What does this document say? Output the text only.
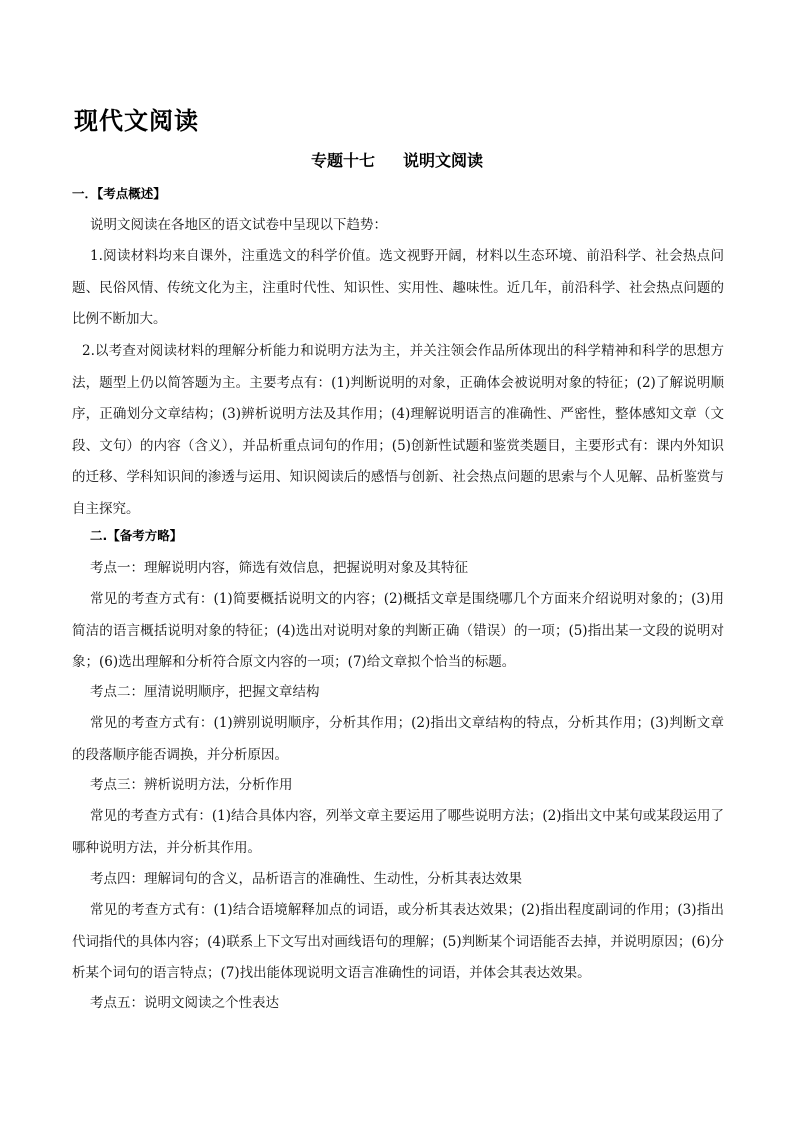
现代文阅读
专题十七 说明文阅读
一．【考点概述】
说明文阅读在各地区的语文试卷中呈现以下趋势：
1.阅读材料均来自课外，注重选文的科学价值。选文视野开阔，材料以生态环境、前沿科学、社会热点问题、民俗风情、传统文化为主，注重时代性、知识性、实用性、趣味性。近几年，前沿科学、社会热点问题的比例不断加大。
2.以考查对阅读材料的理解分析能力和说明方法为主，并关注领会作品所体现出的科学精神和科学的思想方法，题型上仍以简答题为主。主要考点有：(1)判断说明的对象，正确体会被说明对象的特征；(2)了解说明顺序，正确划分文章结构；(3)辨析说明方法及其作用；(4)理解说明语言的准确性、严密性，整体感知文章（文段、文句）的内容（含义），并品析重点词句的作用；(5)创新性试题和鉴赏类题目，主要形式有：课内外知识的迁移、学科知识间的渗透与运用、知识阅读后的感悟与创新、社会热点问题的思索与个人见解、品析鉴赏与自主探究。
二.【备考方略】
考点一：理解说明内容，筛选有效信息，把握说明对象及其特征
常见的考查方式有：(1)简要概括说明文的内容；(2)概括文章是围绕哪几个方面来介绍说明对象的；(3)用简洁的语言概括说明对象的特征；(4)选出对说明对象的判断正确（错误）的一项；(5)指出某一文段的说明对象；(6)选出理解和分析符合原文内容的一项；(7)给文章拟个恰当的标题。
考点二：厘清说明顺序，把握文章结构
常见的考查方式有：(1)辨别说明顺序，分析其作用；(2)指出文章结构的特点，分析其作用；(3)判断文章的段落顺序能否调换，并分析原因。
考点三：辨析说明方法，分析作用
常见的考查方式有：(1)结合具体内容，列举文章主要运用了哪些说明方法；(2)指出文中某句或某段运用了哪种说明方法，并分析其作用。
考点四：理解词句的含义，品析语言的准确性、生动性，分析其表达效果
常见的考查方式有：(1)结合语境解释加点的词语，或分析其表达效果；(2)指出程度副词的作用；(3)指出代词指代的具体内容；(4)联系上下文写出对画线语句的理解；(5)判断某个词语能否去掉，并说明原因；(6)分析某个词句的语言特点；(7)找出能体现说明文语言准确性的词语，并体会其表达效果。
考点五：说明文阅读之个性表达
